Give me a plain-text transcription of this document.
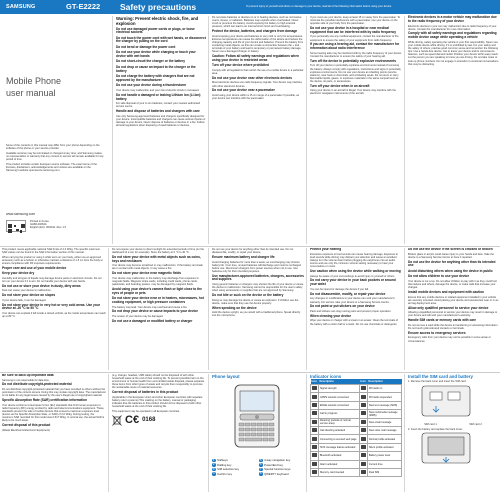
SAMSUNG	GT-E2222	Safety precautions	To prevent injury to yourself and others or damage to your device, read all of the following information before using your device.
Mobile Phone
user manual

Some of the contents in this manual may differ from your phone depending on the software of the phone or your service provider.

Available services may be terminated or changed at any time, and Samsung makes no representation or warranty that any content or service will remain available for any period of time.

This product includes certain free/open source software. The exact terms of the licenses, disclaimers, acknowledgements and notices are available on the Samsung's website opensource.samsung.com.

www.samsung.com
Printed in Korea
GH68-40264A
English (EU). 06/2011. Rev. 1.0
Warning: Prevent electric shock, fire, and explosion

Do not use damaged power cords or plugs, or loose electrical sockets

Do not touch the power cord with wet hands, or disconnect the charger by pulling on the cord

Do not bend or damage the power cord

Do not use your device while charging or touch your device with wet hands

Do not short-circuit the charger or the battery

Do not drop or cause an impact to the charger or the battery

Do not charge the battery with chargers that are not approved by the manufacturer

Do not use your device during a thunderstorm
Your device may malfunction and your risk of electric shock is increased.

Do not handle a damaged or leaking Lithium Ion (Li-Ion) battery
For safe disposal of your Li-Ion batteries, contact your nearest authorised service centre.

Handle and dispose of batteries and chargers with care
Use only Samsung-approved batteries and chargers specifically designed for your device. Incompatible batteries and chargers can cause serious injuries or damage to your device. Never dispose of batteries or devices in a fire. Follow all local regulations when disposing of used batteries or devices.

Do not place batteries or devices on or in heating devices, such as microwave ovens, stoves, or radiators. Batteries may explode when overheated. Never crush or puncture the battery. Avoid exposing the battery to high external pressure, which can lead to an internal short circuit and overheating.

Protect the device, batteries, and chargers from damage
Avoid exposing your device and batteries to very cold or very hot temperatures. Extreme temperatures can cause the deformation of the device and reduce the charging capacity and life of your device and batteries. Prevent the battery from contacting metal objects, as this can create a connection between the + and - terminals of your battery and lead to temporary or permanent battery damage. Never use a damaged charger or battery.

Caution: Follow all safety warnings and regulations when using your device in restricted areas

Turn off your device where prohibited
Comply with all regulations that restrict the use of a mobile device in a particular area.

Do not use your device near other electronic devices
Most electronic devices use radio frequency signals. Your device may interfere with other electronic devices.

Do not use your device near a pacemaker
Avoid using your device within a 15 cm range of a pacemaker if possible, as your device can interfere with the pacemaker.

If you must use your device, keep at least 15 cm away from the pacemaker. To minimise the possible interference with a pacemaker, use your device on the opposite side of your body from the pacemaker.

Do not use your device in a hospital or near medical equipment that can be interfered with by radio frequency
If you personally use any medical equipment, contact the manufacturer of the equipment to ensure the safety of your equipment from radio frequency.

If you are using a hearing aid, contact the manufacturer for information about radio interference
Some hearing aids may be interfered with by the radio frequency of your device. Contact the manufacturer to ensure the safety of your hearing aid.

Turn off the device in potentially explosive environments
Turn off your device in potentially explosive environments instead of removing the battery. Always comply with regulations, instructions and signs in potentially explosive environments. Do not use your device at refuelling points (service stations), near fuels or chemicals, and at blasting areas. Do not store or carry flammable liquids, gases, or explosive materials in the same compartment as the device, its parts, or accessories.

Turn off your device when in an aircraft
Using your device in an aircraft is illegal. Your device may interfere with the electronic navigation instruments of the aircraft.

Electronic devices in a motor vehicle may malfunction due to the radio frequency of your device
Electronic devices in your car may malfunction due to radio frequency of your device. Contact the manufacturer for more information.

Comply with all safety warnings and regulations regarding mobile device usage while operating a vehicle
While driving, safely operating the vehicle is your first responsibility. Never use your mobile device while driving, if it is prohibited by law. For your safety and the safety of others, practise good common sense and remember the following tips: Use a hands-free device. Get to know your device and its convenience features, such as speed dial and redial. Position your device within easy reach. Let the person you are speaking to know you are driving. Do not take notes or look up phone numbers. Do not engage in stressful or emotional conversations that may be distracting.

This product meets applicable national SAR limits of 2.0 W/kg. The specific maximum SAR values can be found in the SAR information section of this manual.

When carrying the product or using it while worn on your body, either use an approved accessory such as a holster or otherwise maintain a distance of 1.5 cm from the body to ensure compliance with RF exposure requirements.

Proper care and use of your mobile device

Keep your device dry
Humidity and all types of liquids may damage device parts or electronic circuits. Do not turn on your device if it is wet. Do not handle your device with wet hands.

Do not use or store your device in dusty, dirty areas
Dust can cause your device to malfunction.

Do not store your device on slopes
If your device falls, it can be damaged.

Do not store your device in very hot or very cold areas. Use your device at -20 °C to 50 °C
Your device can explode if left inside a closed vehicle, as the inside temperature can reach up to 80 °C.

Do not expose your device to direct sunlight for extended periods of time (on the dashboard of a car, for example). Store the battery at 0 °C to 40 °C.

Do not store your device with metal objects such as coins, keys and necklaces
Your device may become scratched or may malfunction. If the battery terminals are in contact with metal objects, it may cause a fire.

Do not store your device near magnetic fields
Your device may malfunction or the battery may discharge from exposure to magnetic fields. Magnetic stripe cards, including credit cards, phone cards, passbooks, and boarding passes, may be damaged by magnetic fields.

Avoid using your device's camera flash or light close to the eyes of people or pets

Do not store your device near or in heaters, microwaves, hot cooking equipment, or high pressure containers
The battery may leak. Your device may overheat and cause a fire.

Do not drop your device or cause impacts to your device
The screen of your device may be damaged.

Do not use a damaged or modified battery or charger

Do not use your device for anything other than its intended use. Do not disassemble, modify, or repair your device.

Ensure maximum battery and charger life
Avoid charging batteries for more than a week, as overcharging may shorten battery life. Over time, unused batteries will discharge and must be recharged before use. Disconnect chargers from power sources when not in use. Use batteries only for their intended purposes.

Use manufacturer-approved batteries, chargers, accessories and supplies
Using generic batteries or chargers may shorten the life of your device or cause the device to malfunction. Samsung cannot be responsible for the user's safety when using accessories or supplies that are not approved by Samsung.

Do not bite or suck on the device or the battery
Doing so may damage the device or cause an explosion. If children use the device, make sure that they use the device properly.

When speaking on the device
Hold the device upright, as you would with a traditional phone. Speak directly into the microphone.

Protect your hearing
Excessive exposure to loud sounds can cause hearing damage. Exposure to loud sounds while driving may distract your attention and cause an accident. Always turn the volume down before plugging the earphones into an audio source and use only the minimum volume setting necessary to hear your conversation or music.

Use caution when using the device while walking or moving
Always be aware of your surroundings to avoid injury to yourself or others.

Do not carry your device in your back pockets or around your waist
You can be injured or damage the device if you fall.

Do not disassemble, modify, or repair your device
Any changes or modifications to your device can void your manufacturer's warranty. For service, take your device to a Samsung Service Centre.

Do not paint or put stickers on your device
Paint and stickers can clog moving parts and prevent proper operation.

When cleaning your device
Wipe your device or charger with a towel or an eraser. Clean the terminals of the battery with a cotton ball or a towel. Do not use chemicals or detergents.

Do not use the device if the screen is cracked or broken
Broken glass or acrylic could cause injury to your hands and face. Take the device to a Samsung Service Centre to have it repaired.

Do not use the device for anything other than its intended use

Avoid disturbing others when using the device in public

Do not allow children to use your device
Your device is not a toy. Do not allow children to play with it as they could hurt themselves and others, damage the device, or make calls that increase your charges.

Install mobile devices and equipment with caution
Ensure that any mobile devices or related equipment installed in your vehicle are securely mounted. Avoid placing your device and accessories near or in an air bag deployment area.

Allow only qualified personnel to service your device
Allowing unqualified personnel to service your device may result in damage to your device and will void your manufacturer's warranty.

Handle SIM cards or memory cards with care
Do not remove a card while the device is transferring or accessing information. Do not touch gold-coloured contacts or terminals.

Ensure access to emergency services
Emergency calls from your device may not be possible in some areas or circumstances.

Be sure to back up important data
Samsung is not responsible for data loss.

Do not distribute copyright-protected material
Do not distribute copyright-protected material that you have recorded to others without the permission of the content owners. Doing this may violate copyright laws. The manufacturer is not liable for any legal issues caused by the user's illegal use of copyrighted material.

Specific Absorption Rate (SAR) certification information
Your device conforms to European Union (EU) standards that limit human exposure to radio frequency (RF) energy emitted by radio and telecommunications equipment. These standards prevent the sale of mobile devices that exceed a maximum exposure level (known as the Specific Absorption Rate, or SAR) of 2.0 W/kg. During testing, the maximum SAR recorded for this model was 0.617 W/kg. In normal use, the actual SAR is likely to be much lower.

Correct disposal of this product
(Waste Electrical & Electronic Equipment)

(e.g. charger, headset, USB cable) should not be disposed of with other household waste at the end of their working life. To prevent possible harm to the environment or human health from uncontrolled waste disposal, please separate these items from other types of waste and recycle them responsibly to promote the sustainable reuse of material resources.

Correct disposal of batteries in this product
(Applicable in the European Union and other European countries with separate battery return systems) This marking on the battery, manual or packaging indicates that the batteries in this product should not be disposed of with other household waste at the end of their working life.

This equipment may be operated in all European countries.

C€ 0168
Phone layout
1 Softkeys	5 4-way navigation key
2 Dialling key	6 Power/End key
3 SIM selection key	7 Special function keys
4 Confirm key	8 QWERTY keyboard
Indicator icons
Icon	Description	Icon	Description
	Signal strength		FM radio on
	GPRS network connected		FM radio suspended
	EDGE network connected		New text message (SMS)
	Call in progress		New multimedia message (MMS)
	Roaming (outside of normal service area)		New email message
	Call diverting activated		New voice mail message
	Connecting to secured web page		Normal profile activated
	SOS message feature activated		Silent profile activated
	Bluetooth activated		Battery power level
	Alarm activated		Current time
	Memory card inserted		Dual SIM
Install the SIM card and battery
1. Remove the back cover and insert the SIM card.
SIM card 1	SIM card 2
2. Insert the battery and replace the back cover.
